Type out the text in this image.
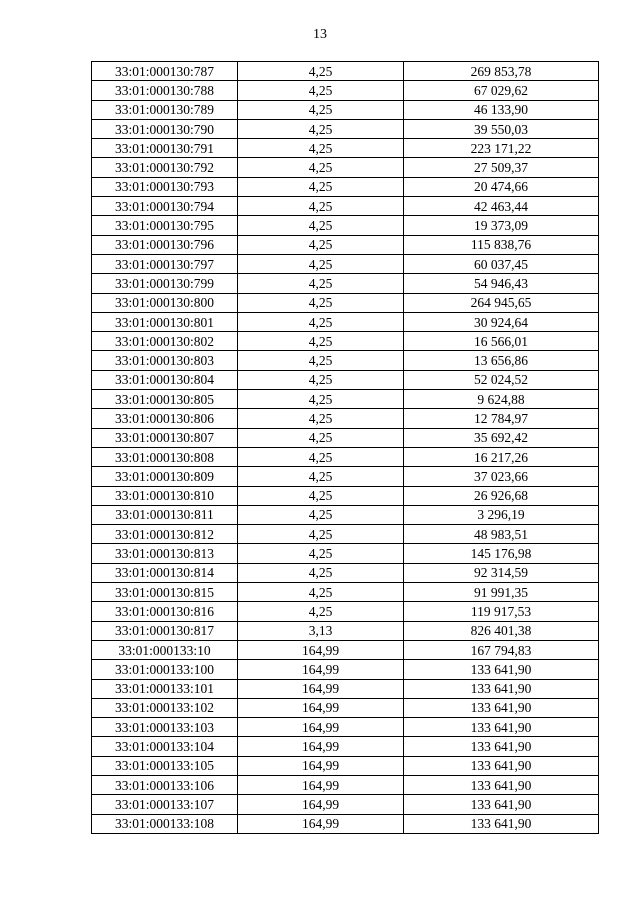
13
33:01:000130:787	4,25	269 853,78
33:01:000130:788	4,25	67 029,62
33:01:000130:789	4,25	46 133,90
33:01:000130:790	4,25	39 550,03
33:01:000130:791	4,25	223 171,22
33:01:000130:792	4,25	27 509,37
33:01:000130:793	4,25	20 474,66
33:01:000130:794	4,25	42 463,44
33:01:000130:795	4,25	19 373,09
33:01:000130:796	4,25	115 838,76
33:01:000130:797	4,25	60 037,45
33:01:000130:799	4,25	54 946,43
33:01:000130:800	4,25	264 945,65
33:01:000130:801	4,25	30 924,64
33:01:000130:802	4,25	16 566,01
33:01:000130:803	4,25	13 656,86
33:01:000130:804	4,25	52 024,52
33:01:000130:805	4,25	9 624,88
33:01:000130:806	4,25	12 784,97
33:01:000130:807	4,25	35 692,42
33:01:000130:808	4,25	16 217,26
33:01:000130:809	4,25	37 023,66
33:01:000130:810	4,25	26 926,68
33:01:000130:811	4,25	3 296,19
33:01:000130:812	4,25	48 983,51
33:01:000130:813	4,25	145 176,98
33:01:000130:814	4,25	92 314,59
33:01:000130:815	4,25	91 991,35
33:01:000130:816	4,25	119 917,53
33:01:000130:817	3,13	826 401,38
33:01:000133:10	164,99	167 794,83
33:01:000133:100	164,99	133 641,90
33:01:000133:101	164,99	133 641,90
33:01:000133:102	164,99	133 641,90
33:01:000133:103	164,99	133 641,90
33:01:000133:104	164,99	133 641,90
33:01:000133:105	164,99	133 641,90
33:01:000133:106	164,99	133 641,90
33:01:000133:107	164,99	133 641,90
33:01:000133:108	164,99	133 641,90
